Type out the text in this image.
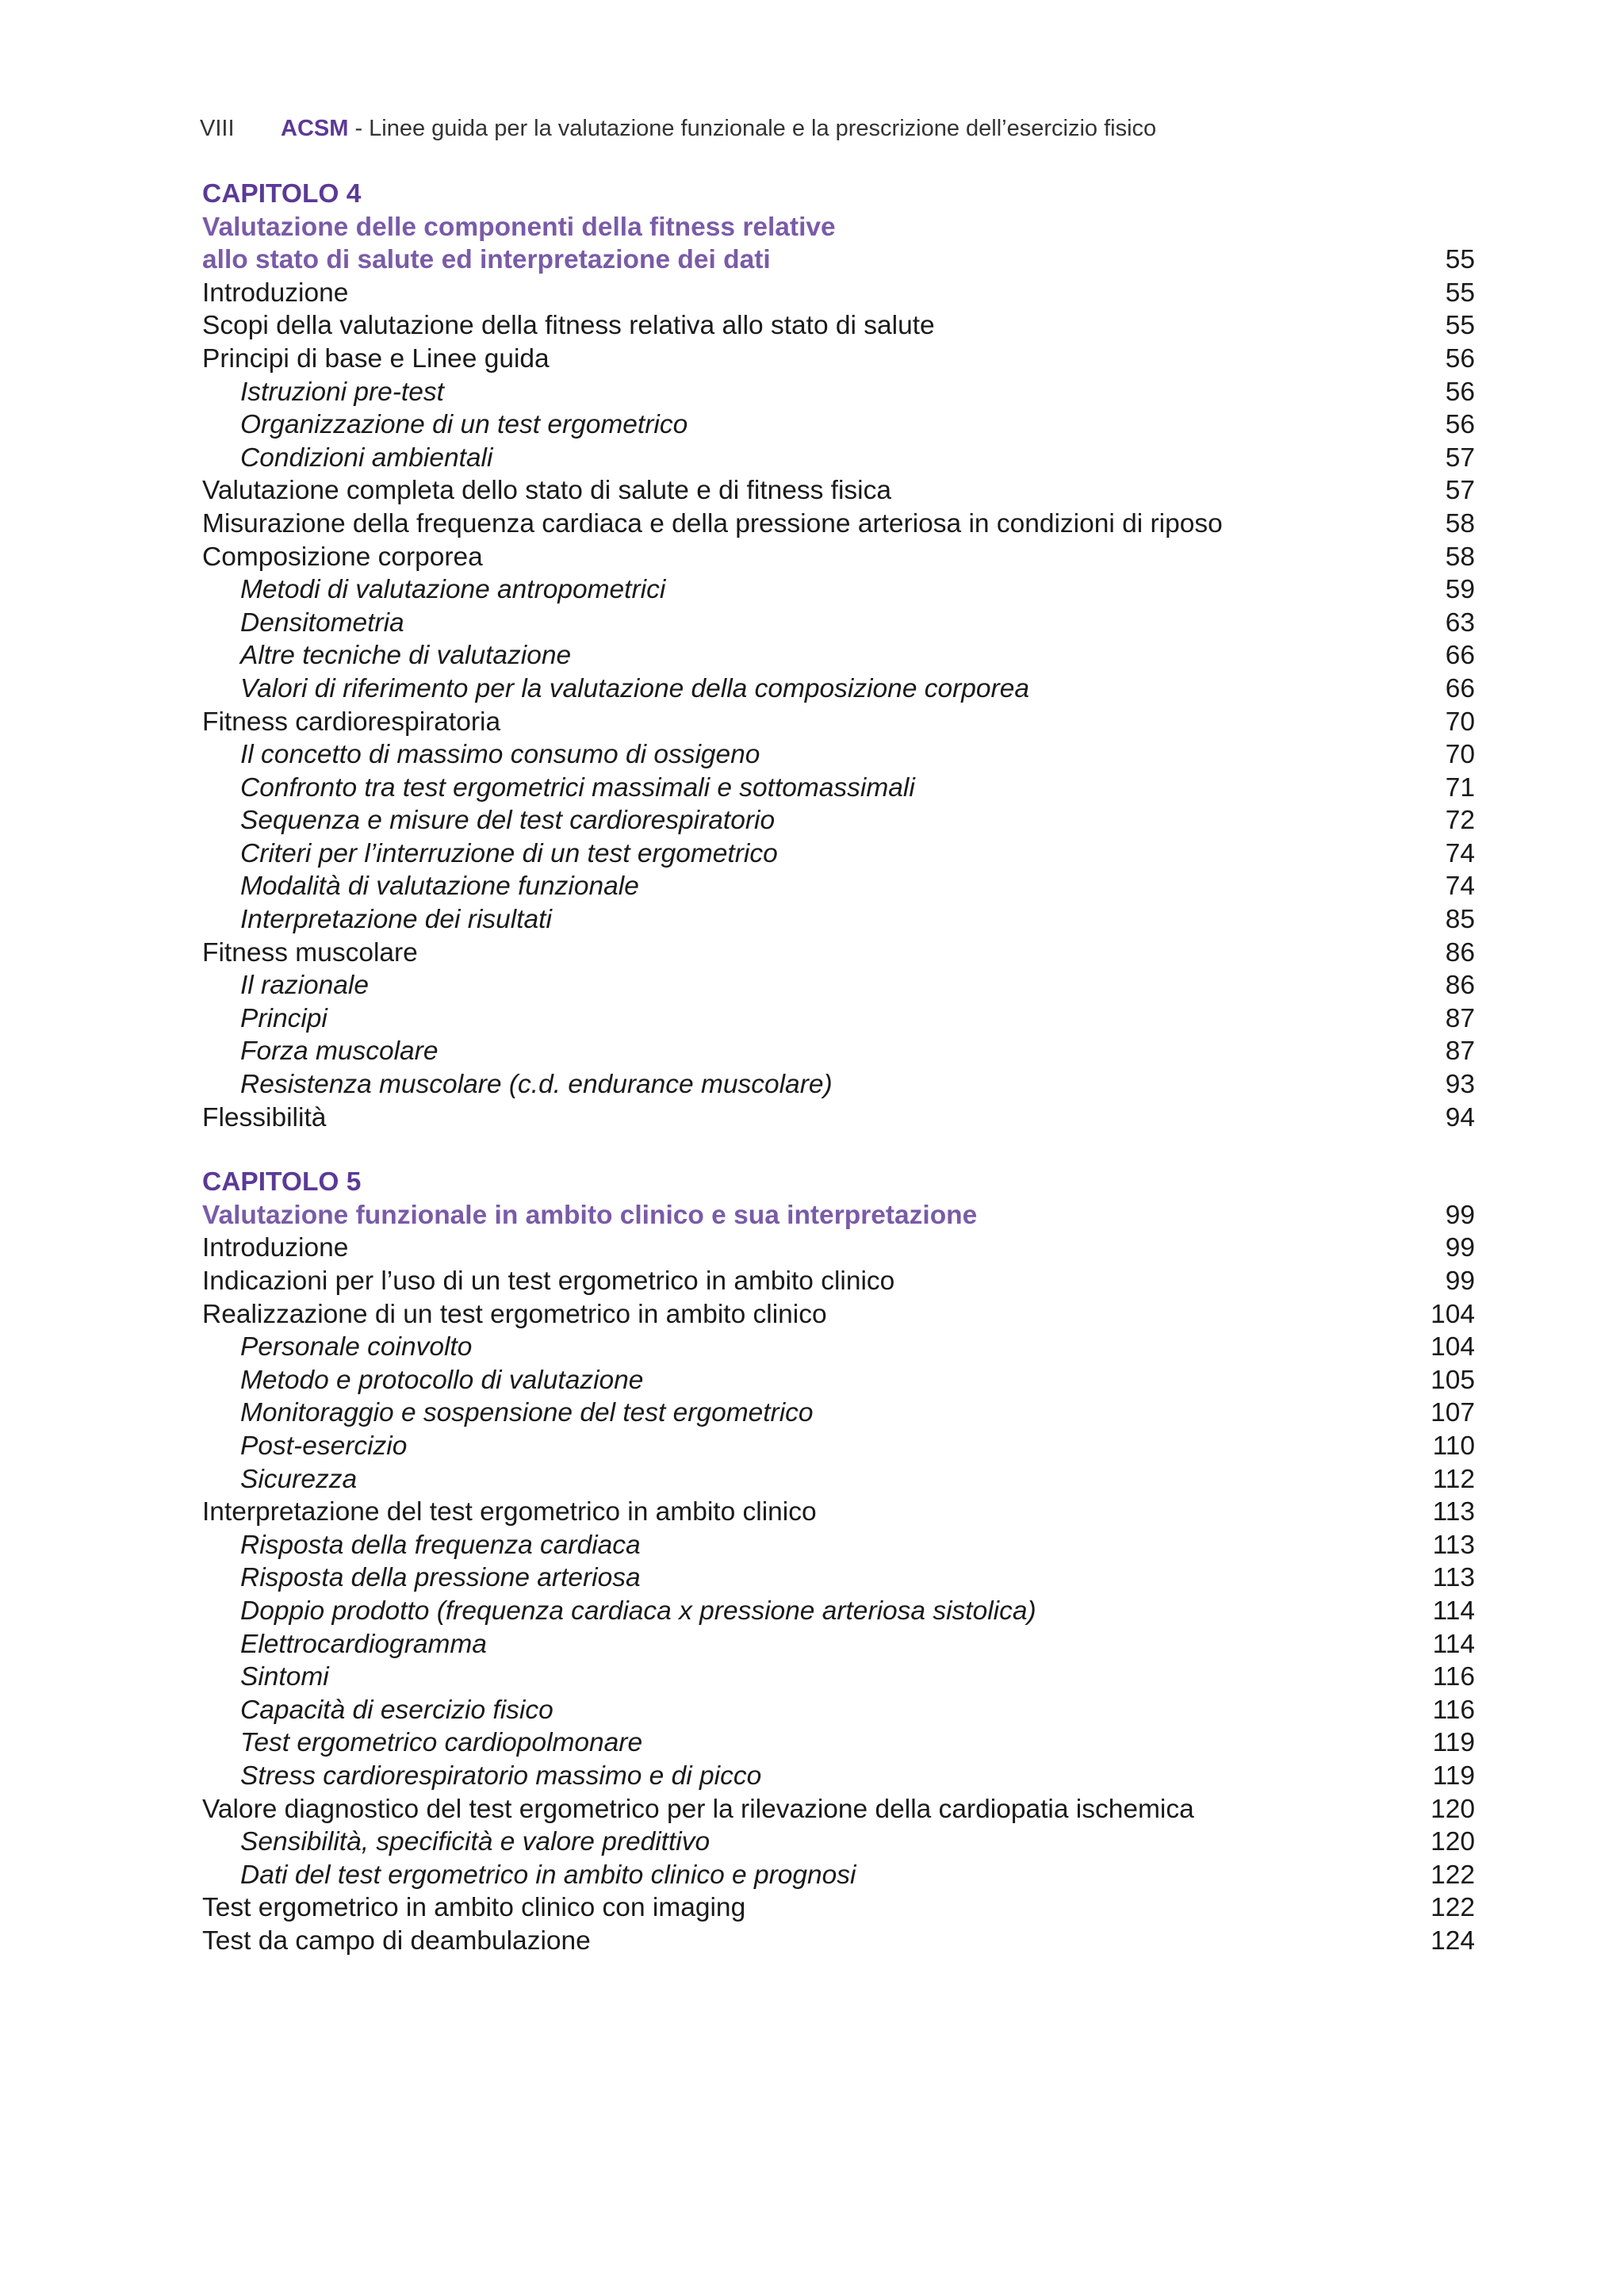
VIII ACSM - Linee guida per la valutazione funzionale e la prescrizione dell’esercizio fisico
CAPITOLO 4
Valutazione delle componenti della fitness relative
allo stato di salute ed interpretazione dei dati	55
Introduzione	55
Scopi della valutazione della fitness relativa allo stato di salute	55
Principi di base e Linee guida	56
Istruzioni pre-test	56
Organizzazione di un test ergometrico	56
Condizioni ambientali	57
Valutazione completa dello stato di salute e di fitness fisica	57
Misurazione della frequenza cardiaca e della pressione arteriosa in condizioni di riposo	58
Composizione corporea	58
Metodi di valutazione antropometrici	59
Densitometria	63
Altre tecniche di valutazione	66
Valori di riferimento per la valutazione della composizione corporea	66
Fitness cardiorespiratoria	70
Il concetto di massimo consumo di ossigeno	70
Confronto tra test ergometrici massimali e sottomassimali	71
Sequenza e misure del test cardiorespiratorio	72
Criteri per l’interruzione di un test ergometrico	74
Modalità di valutazione funzionale	74
Interpretazione dei risultati	85
Fitness muscolare	86
Il razionale	86
Principi	87
Forza muscolare	87
Resistenza muscolare (c.d. endurance muscolare)	93
Flessibilità	94
CAPITOLO 5
Valutazione funzionale in ambito clinico e sua interpretazione	99
Introduzione	99
Indicazioni per l’uso di un test ergometrico in ambito clinico	99
Realizzazione di un test ergometrico in ambito clinico	104
Personale coinvolto	104
Metodo e protocollo di valutazione	105
Monitoraggio e sospensione del test ergometrico	107
Post-esercizio	110
Sicurezza	112
Interpretazione del test ergometrico in ambito clinico	113
Risposta della frequenza cardiaca	113
Risposta della pressione arteriosa	113
Doppio prodotto (frequenza cardiaca x pressione arteriosa sistolica)	114
Elettrocardiogramma	114
Sintomi	116
Capacità di esercizio fisico	116
Test ergometrico cardiopolmonare	119
Stress cardiorespiratorio massimo e di picco	119
Valore diagnostico del test ergometrico per la rilevazione della cardiopatia ischemica	120
Sensibilità, specificità e valore predittivo	120
Dati del test ergometrico in ambito clinico e prognosi	122
Test ergometrico in ambito clinico con imaging	122
Test da campo di deambulazione	124
